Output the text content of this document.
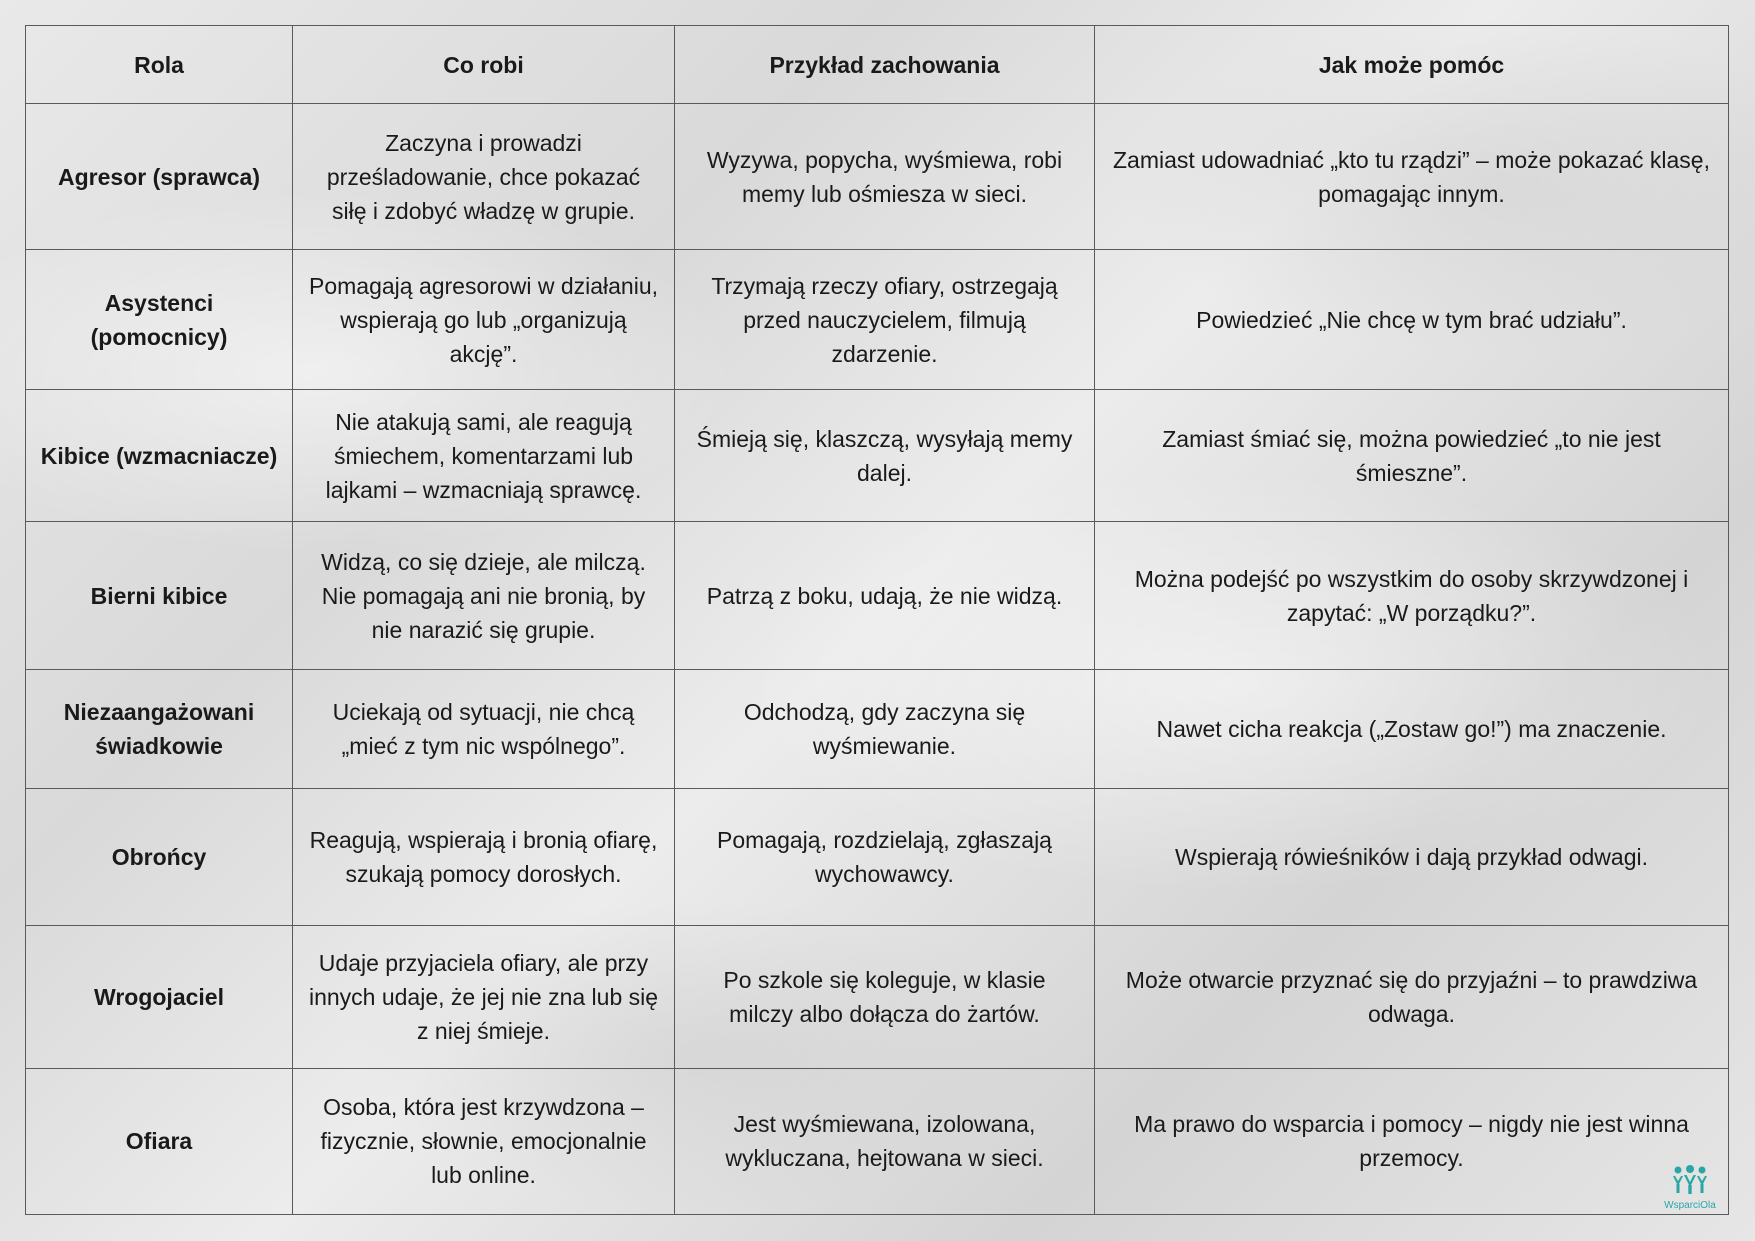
Rola	Co robi	Przykład zachowania	Jak może pomóc
Agresor (sprawca)	Zaczyna i prowadzi prześladowanie, chce pokazać siłę i zdobyć władzę w grupie.	Wyzywa, popycha, wyśmiewa, robi memy lub ośmiesza w sieci.	Zamiast udowadniać „kto tu rządzi” – może pokazać klasę, pomagając innym.
Asystenci (pomocnicy)	Pomagają agresorowi w działaniu, wspierają go lub „organizują akcję”.	Trzymają rzeczy ofiary, ostrzegają przed nauczycielem, filmują zdarzenie.	Powiedzieć „Nie chcę w tym brać udziału”.
Kibice (wzmacniacze)	Nie atakują sami, ale reagują śmiechem, komentarzami lub lajkami – wzmacniają sprawcę.	Śmieją się, klaszczą, wysyłają memy dalej.	Zamiast śmiać się, można powiedzieć „to nie jest śmieszne”.
Bierni kibice	Widzą, co się dzieje, ale milczą. Nie pomagają ani nie bronią, by nie narazić się grupie.	Patrzą z boku, udają, że nie widzą.	Można podejść po wszystkim do osoby skrzywdzonej i zapytać: „W porządku?”.
Niezaangażowani świadkowie	Uciekają od sytuacji, nie chcą „mieć z tym nic wspólnego”.	Odchodzą, gdy zaczyna się wyśmiewanie.	Nawet cicha reakcja („Zostaw go!”) ma znaczenie.
Obrońcy	Reagują, wspierają i bronią ofiarę, szukają pomocy dorosłych.	Pomagają, rozdzielają, zgłaszają wychowawcy.	Wspierają rówieśników i dają przykład odwagi.
Wrogojaciel	Udaje przyjaciela ofiary, ale przy innych udaje, że jej nie zna lub się z niej śmieje.	Po szkole się koleguje, w klasie milczy albo dołącza do żartów.	Może otwarcie przyznać się do przyjaźni – to prawdziwa odwaga.
Ofiara	Osoba, która jest krzywdzona – fizycznie, słownie, emocjonalnie lub online.	Jest wyśmiewana, izolowana, wykluczana, hejtowana w sieci.	Ma prawo do wsparcia i pomocy – nigdy nie jest winna przemocy.
WsparciOla
